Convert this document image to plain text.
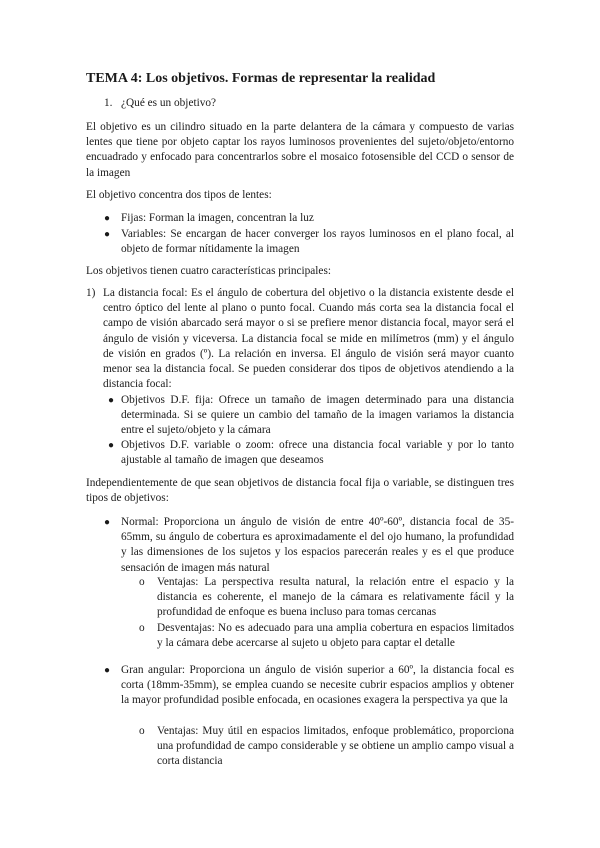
TEMA 4: Los objetivos. Formas de representar la realidad
1. ¿Qué es un objetivo?

El objetivo es un cilindro situado en la parte delantera de la cámara y compuesto de varias lentes que tiene por objeto captar los rayos luminosos provenientes del sujeto/objeto/entorno encuadrado y enfocado para concentrarlos sobre el mosaico fotosensible del CCD o sensor de la imagen

El objetivo concentra dos tipos de lentes:

● Fijas: Forman la imagen, concentran la luz

● Variables: Se encargan de hacer converger los rayos luminosos en el plano focal, al objeto de formar nítidamente la imagen

Los objetivos tienen cuatro características principales:

1) La distancia focal: Es el ángulo de cobertura del objetivo o la distancia existente desde el centro óptico del lente al plano o punto focal. Cuando más corta sea la distancia focal el campo de visión abarcado será mayor o si se prefiere menor distancia focal, mayor será el ángulo de visión y viceversa. La distancia focal se mide en milímetros (mm) y el ángulo de visión en grados (º). La relación en inversa. El ángulo de visión será mayor cuanto menor sea la distancia focal. Se pueden considerar dos tipos de objetivos atendiendo a la distancia focal:

● Objetivos D.F. fija: Ofrece un tamaño de imagen determinado para una distancia determinada. Si se quiere un cambio del tamaño de la imagen variamos la distancia entre el sujeto/objeto y la cámara

● Objetivos D.F. variable o zoom: ofrece una distancia focal variable y por lo tanto ajustable al tamaño de imagen que deseamos

Independientemente de que sean objetivos de distancia focal fija o variable, se distinguen tres tipos de objetivos:

● Normal: Proporciona un ángulo de visión de entre 40º-60º, distancia focal de 35-65mm, su ángulo de cobertura es aproximadamente el del ojo humano, la profundidad y las dimensiones de los sujetos y los espacios parecerán reales y es el que produce sensación de imagen más natural

o Ventajas: La perspectiva resulta natural, la relación entre el espacio y la distancia es coherente, el manejo de la cámara es relativamente fácil y la profundidad de enfoque es buena incluso para tomas cercanas

o Desventajas: No es adecuado para una amplia cobertura en espacios limitados y la cámara debe acercarse al sujeto u objeto para captar el detalle

● Gran angular: Proporciona un ángulo de visión superior a 60º, la distancia focal es corta (18mm-35mm), se emplea cuando se necesite cubrir espacios amplios y obtener la mayor profundidad posible enfocada, en ocasiones exagera la perspectiva ya que la

o Ventajas: Muy útil en espacios limitados, enfoque problemático, proporciona una profundidad de campo considerable y se obtiene un amplio campo visual a corta distancia
